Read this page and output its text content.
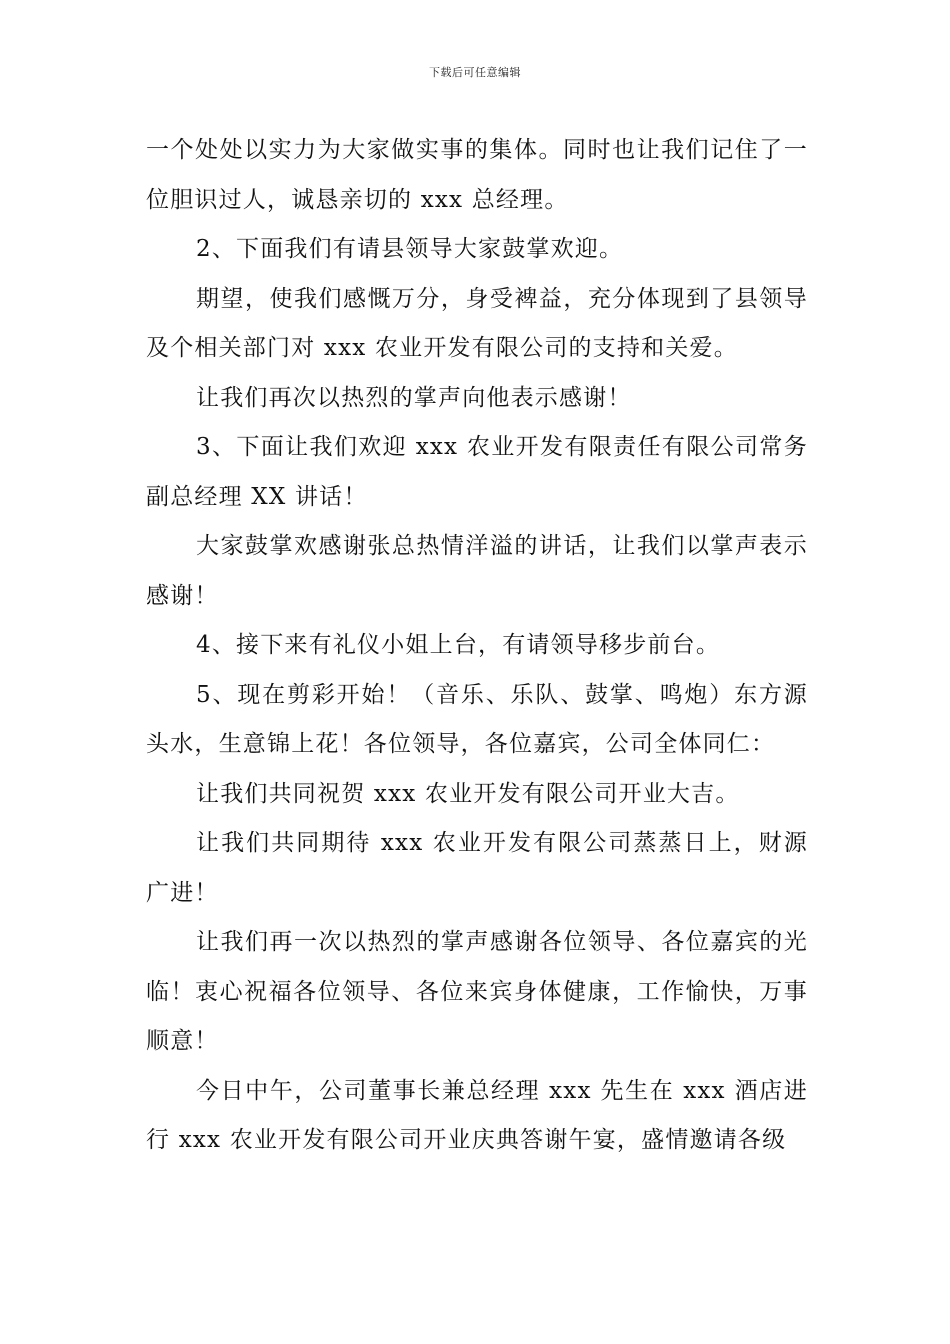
下载后可任意编辑

一个处处以实力为大家做实事的集体。同时也让我们记住了一位胆识过人，诚恳亲切的 xxx 总经理。

2、下面我们有请县领导大家鼓掌欢迎。

期望，使我们感慨万分，身受裨益，充分体现到了县领导及个相关部门对 xxx 农业开发有限公司的支持和关爱。

让我们再次以热烈的掌声向他表示感谢！

3、下面让我们欢迎 xxx 农业开发有限责任有限公司常务副总经理 XX 讲话！

大家鼓掌欢感谢张总热情洋溢的讲话，让我们以掌声表示感谢！

4、接下来有礼仪小姐上台，有请领导移步前台。

5、现在剪彩开始！（音乐、乐队、鼓掌、鸣炮）东方源头水，生意锦上花！各位领导，各位嘉宾，公司全体同仁：

让我们共同祝贺 xxx 农业开发有限公司开业大吉。

让我们共同期待 xxx 农业开发有限公司蒸蒸日上，财源广进！

让我们再一次以热烈的掌声感谢各位领导、各位嘉宾的光临！衷心祝福各位领导、各位来宾身体健康，工作愉快，万事顺意！

今日中午，公司董事长兼总经理 xxx 先生在 xxx 酒店进行 xxx 农业开发有限公司开业庆典答谢午宴，盛情邀请各级
